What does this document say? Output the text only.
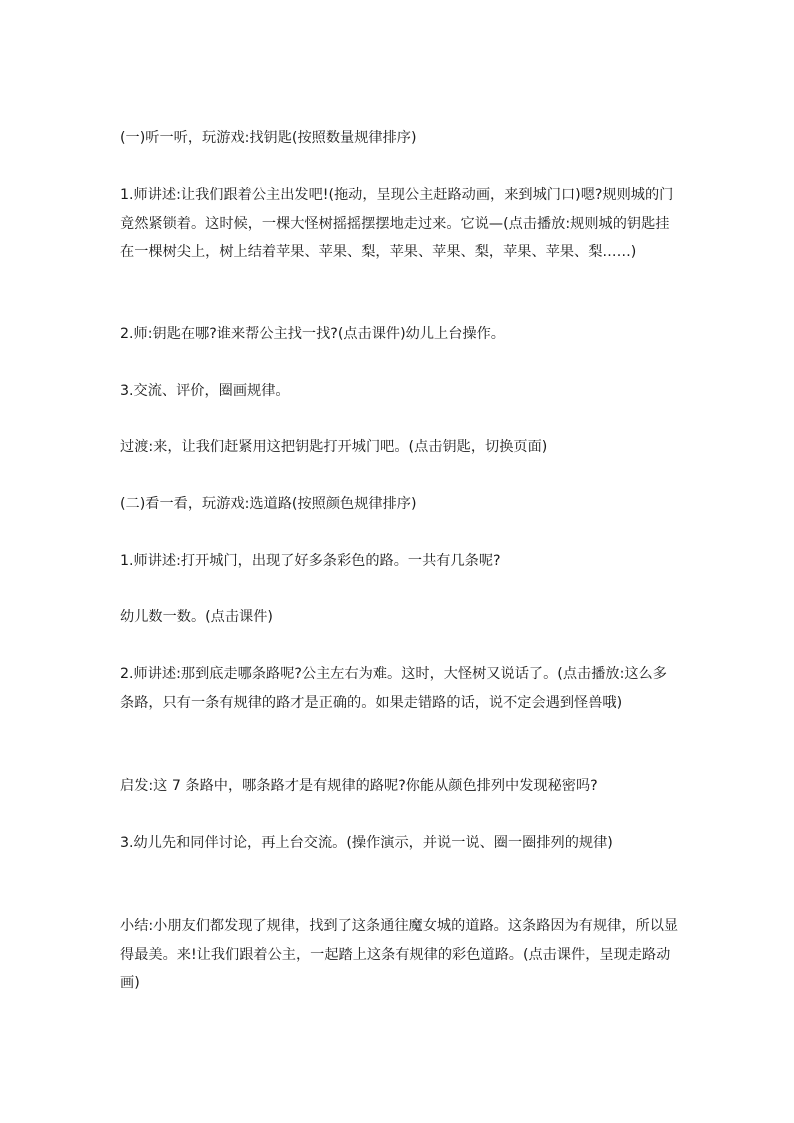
(一)听一听，玩游戏:找钥匙(按照数量规律排序)

1.师讲述:让我们跟着公主出发吧!(拖动，呈现公主赶路动画，来到城门口)嗯?规则城的门竟然紧锁着。这时候，一棵大怪树摇摇摆摆地走过来。它说—(点击播放:规则城的钥匙挂在一棵树尖上，树上结着苹果、苹果、梨，苹果、苹果、梨，苹果、苹果、梨……)

2.师:钥匙在哪?谁来帮公主找一找?(点击课件)幼儿上台操作。

3.交流、评价，圈画规律。

过渡:来，让我们赶紧用这把钥匙打开城门吧。(点击钥匙，切换页面)

(二)看一看，玩游戏:选道路(按照颜色规律排序)

1.师讲述:打开城门，出现了好多条彩色的路。一共有几条呢?

幼儿数一数。(点击课件)

2.师讲述:那到底走哪条路呢?公主左右为难。这时，大怪树又说话了。(点击播放:这么多条路，只有一条有规律的路才是正确的。如果走错路的话，说不定会遇到怪兽哦)

启发:这 7 条路中，哪条路才是有规律的路呢?你能从颜色排列中发现秘密吗?

3.幼儿先和同伴讨论，再上台交流。(操作演示，并说一说、圈一圈排列的规律)

小结:小朋友们都发现了规律，找到了这条通往魔女城的道路。这条路因为有规律，所以显得最美。来!让我们跟着公主，一起踏上这条有规律的彩色道路。(点击课件，呈现走路动画)
